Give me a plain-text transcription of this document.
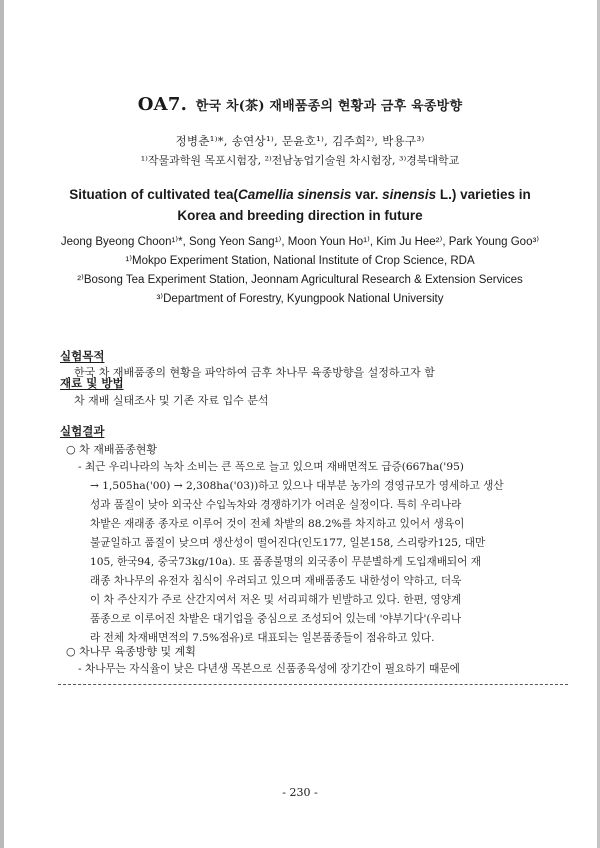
OA7. 한국 차(茶) 재배품종의 현황과 금후 육종방향
정병춘¹⁾*, 송연상¹⁾, 문윤호¹⁾, 김주희²⁾, 박용구³⁾
¹⁾작물과학원 목포시험장, ²⁾전남농업기술원 차시험장, ³⁾경북대학교
Situation of cultivated tea(Camellia sinensis var. sinensis L.) varieties in
Korea and breeding direction in future
Jeong Byeong Choon¹⁾*, Song Yeon Sang¹⁾, Moon Youn Ho¹⁾, Kim Ju Hee²⁾, Park Young Goo³⁾
¹⁾Mokpo Experiment Station, National Institute of Crop Science, RDA
²⁾Bosong Tea Experiment Station, Jeonnam Agricultural Research & Extension Services
³⁾Department of Forestry, Kyungpook National University
실험목적
한국 차 재배품종의 현황을 파악하여 금후 차나무 육종방향을 설정하고자 함
재료 및 방법
차 재배 실태조사 및 기존 자료 입수 분석
실험결과
○ 차 재배품종현황
- 최근 우리나라의 녹차 소비는 큰 폭으로 늘고 있으며 재배면적도 급증(667ha('95)
→ 1,505ha('00) → 2,308ha('03))하고 있으나 대부분 농가의 경영규모가 영세하고 생산
성과 품질이 낮아 외국산 수입녹차와 경쟁하기가 어려운 실정이다. 특히 우리나라
차밭은 재래종 종자로 이루어 것이 전체 차밭의 88.2%를 차지하고 있어서 생육이
불균일하고 품질이 낮으며 생산성이 떨어진다(인도177, 일본158, 스리랑카125, 대만
105, 한국94, 중국73kg/10a). 또 품종불명의 외국종이 무분별하게 도입재배되어 재
래종 차나무의 유전자 침식이 우려되고 있으며 재배품종도 내한성이 약하고, 더욱
이 차 주산지가 주로 산간지여서 저온 및 서리피해가 빈발하고 있다. 한편, 영양계
품종으로 이루어진 차밭은 대기업을 중심으로 조성되어 있는데 '야부기다'(우리나
라 전체 차재배면적의 7.5%점유)로 대표되는 일본품종들이 점유하고 있다.
○ 차나무 육종방향 및 계획
- 차나무는 자식율이 낮은 다년생 목본으로 신품종육성에 장기간이 필요하기 때문에
- 230 -
